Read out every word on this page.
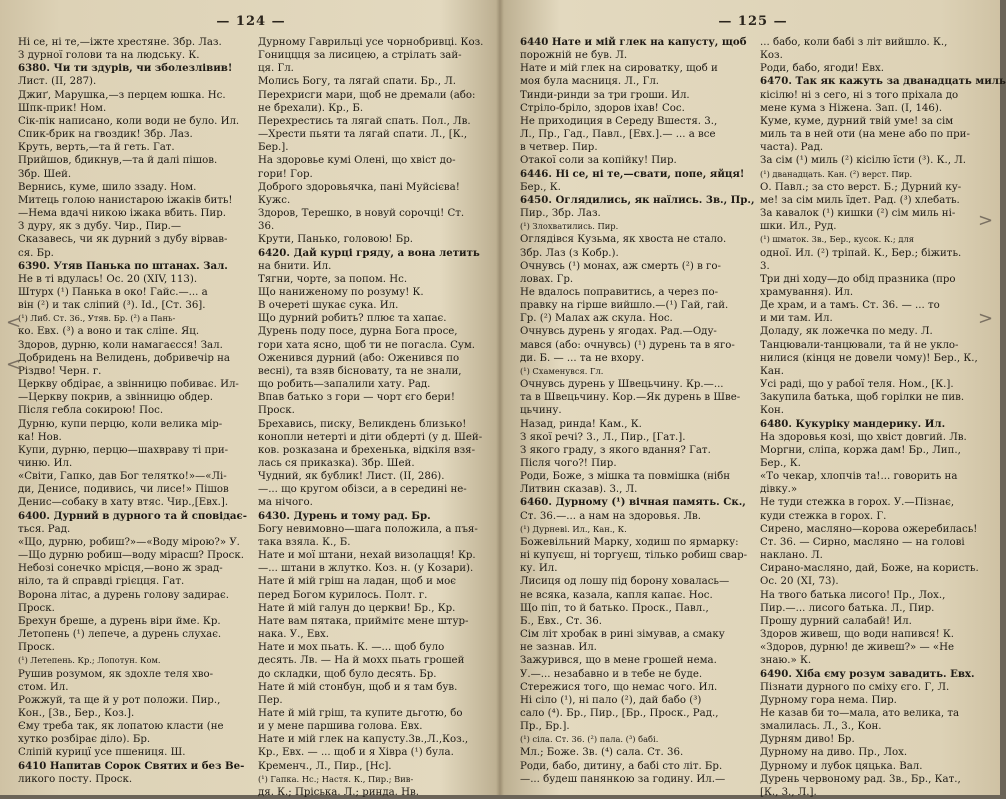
— 124 —

Ні се, ні те,—іжте хрестяне. Збр. Лаз.

З дурної голови та на людську. К.

6380. Чи ти здурів, чи зболезлівив!

Лист. (II, 287).

Джиґ, Марушка,—з перцем юшка. Нс.

Шпк-прик! Ном.

Сік-пік написано, коли води не було. Ил.

Спик-брик на гвоздик! Збр. Лаз.

Круть, верть,—та й геть. Гат.

Прийшов, бдикнув,—та й далі пішов.

Збр. Шей.

Вернись, куме, шило ззаду. Ном.

Митець голою нанистарою іжаків бить!

—Нема вдачі никою іжака вбить. Пир.

З дуру, як з дубу. Чир., Пир.—

Сказавесь, чи як дурний з дубу вірвав-

ся. Бр.

6390. Утяв Панька по штанах. Зал.

Не в ті вдулась! Ос. 20 (XIV, 113).

Штурх (¹) Панька в око! Гайс.—... а

він (²) и так сліпий (³). Id., [Ст. 36].

(¹) Либ. Ст. 36., Утяв. Бр. (²) а Пань-

ко. Евх. (³) а воно и так сліпе. Яц.

Здоров, дурню, коли намагаєсся! Зал.

Добридень на Велидень, добривечір на

Різдво! Черн. г.

Церкву обдірає, а звінницю побиває. Ил-

—Церкву покрив, а звінницю обдер.

Після гебла сокирою! Пос.

Дурню, купи перцю, коли велика мір-

ка! Нов.

Купи, дурню, перцю—шахвраву ті при-

чиню. Ил.

«Світи, Гапко, дав Бог телятко!»—«Лі-

ди, Денисе, подивись, чи лисе!» Пішов

Денис—собаку в хату втяс. Чир.,[Евх.].

6400. Дурний в дурного та й сповідає-

ться. Рад.

«Що, дурню, робиш?»—«Воду мірою?» У.

—Що дурню робиш—воду мірасш? Проск.

Небозі сонечко мрісця,—воно ж зрад-

ніло, та й справді грієцця. Гат.

Ворона літас, а дурень голову задирає.

Проск.

Брехун бреше, а дурень віри йме. Кр.

Летопень (¹) лепече, а дурень слухає.

Проск.

(¹) Летепень. Кр.; Лопотун. Ком.

Рушив розумом, як здохле теля хво-

стом. Ил.

Рожжуй, та ще й у рот положи. Пир.,

Кон., [3в., Бер., Коз.].

Єму треба так, як лопатою класти (не

хутко розбірає діло). Бр.

Сліпій курицї усе пшениця. Ш.

6410 Напитав Сорок Святих и без Ве-

ликого посту. Проск.

Дурному Гаврильці усе чорнобривці. Коз.

Гониццця за лисицею, а стрілать зай-

ця. Гл.

Молись Богу, та лягай спати. Бр., Л.

Перехрисги мари, щоб не дремали (або:

не брехали). Кр., Б.

Перехрестись та лягай спать. Пол., Лв.

—Хрести пьяти та лягай спати. Л., [К.,

Бер.].

На здоровье кумі Олені, що хвіст до-

гори! Гор.

Доброго здоровьячка, пані Муйсієва!

Кужс.

Здоров, Терешко, в новуй сорочці! Ст.

36.

Крути, Панько, головою! Бр.

6420. Дай курці гряду, а вона летить

на бнити. Ил.

Тягни, чорте, за попом. Нс.

Що наниженому по розуму! К.

В очереті шукає сука. Ил.

Що дурний робить? плює та хапає.

Дурень поду посе, дурна Бога просе,

гори хата ясно, щоб ти не погасла. Сум.

Оженився дурний (або: Оженився по

весні), та взяв бісновату, та не знали,

що робить—запалили хату. Рад.

Впав батько з гори — чорт єго бери!

Проск.

Брехавись, писку, Великдень близько!

конопли нетерті и діти обдерті (у д. Шей-

ков. розказана и брехенька, відкіля взя-

лась ся приказка). Збр. Шей.

Чудний, як бублик! Лист. (II, 286).

—... що кругом обізси, а в середині не-

ма нічого.

6430. Дурень и тому рад. Бр.

Богу невимовно—шага положила, а пъя-

така взяла. К., Б.

Нате и мої штани, нехай визолацця! Кр.

—... штани в жлутко. Коз. н. (у Козари).

Нате й мій гріш на ладан, щоб и моє

перед Богом курилось. Полт. г.

Нате й мій галун до церкви! Бр., Кр.

Нате вам пятака, приймітє мене штур-

нака. У., Евх.

Нате и мох пьать. К. —... щоб було

десять. Лв. — На й мохх пьать грошей

до складки, щоб було десять. Бр.

Нате й мій стонбун, щоб и я там був.

Пер.

Нате й мій гріш, та купите дьготю, бо

и у мене паршива голова. Евх.

Нате и мій глек на капусту.3в.,Л.,Коз.,

Кр., Евх. — ... щоб и я Хівра (¹) була.

Кременч., Л., Пир., [Нс].

(¹) Гапка. Нс.; Настя. К., Пир.; Вив-

дя. К.; Пріська. Л.; ринда. Нв.

<
<
— 125 —

6440 Нате и мій глек на капусту, щоб

порожній не був. Л.

Нате и мій глек на сироватку, щоб и

моя була масниця. Л., Гл.

Тинди-ринди за три гроши. Ил.

Стріло-бріло, здоров іхав! Сос.

Не приходиция в Середу Вшестя. 3.,

Л., Пр., Гад., Павл., [Евх.].— ... а все

в четвер. Пир.

Отакої соли за копійку! Пир.

6446. Ні се, ні те,—свати, попе, яйця!

Бер., К.

6450. Оглядились, як наїлись. 3в., Пр.,

Пир., Збр. Лаз.

(¹) Злохватились. Пир.

Оглядівся Кузьма, як хвоста не стало.

Збр. Лаз (з Кобр.).

Очнувсь (¹) монах, аж смерть (²) в го-

ловах. Гр.

Не вдалось поправитись, а через по-

правку на гірше вийшло.—(¹) Гай, гай.

Гр. (²) Малах аж скула. Нос.

Очнувсь дурень у ягодах. Рад.—Оду-

мався (або: очнувсь) (¹) дурень та в яго-

ди. Б. — ... та не вхору.

(¹) Схаменувся. Гл.

Очнувсь дурень у Швецьчину. Кр.—...

та в Швецьчину. Кор.—Як дурень в Шве-

цьчину.

Назад, ринда! Кам., К.

З якої речі? 3., Л., Пир., [Гат.].

З якого граду, з якого вдання? Гат.

Після чого?! Пир.

Роди, Боже, з мішка та повмішка (нібн

Литвин сказав). 3., Л.

6460. Дурному (¹) вічная память. Ск.,

Ст. 36.—... а нам на здоровья. Лв.

(¹) Дурневі. Ил., Кан., К.

Божевільний Марку, ходиш по ярмарку:

ні купуєш, ні торгуєш, тілько робиш свар-

ку. Ил.

Лисиця од лошу під борону ховалась—

не всяка, казала, капля капає. Нос.

Що піп, то й батько. Проск., Павл.,

Б., Евх., Ст. 36.

Сім літ хробак в рині зімував, а смаку

не зазнав. Ил.

Зажурився, що в мене грошей нема.

У.—... незабавно и в тебе не буде.

Стережися того, що немас чого. Ил.

Ні сіло (¹), ні пало (²), дай бабо (³)

сало (⁴). Бр., Пир., [Бр., Проск., Рад.,

Пр., Бр.].

(¹) сіла. Ст. 36. (²) пала. (³) бабі.

Мл.; Боже. 3в. (⁴) сала. Ст. 36.

Роди, бабо, дитину, а бабі сто літ. Бр.

—... будеш панянкою за годину. Ил.—

... бабо, коли бабі з літ вийшло. К.,

Коз.

Роди, бабо, ягоди! Евх.

6470. Так як кажуть за дванадцать миль

кісілю! ні з сего, ні з того пріхала до

мене кума з Ніжена. Зап. (I, 146).

Куме, куме, дурний твій уме! за сім

миль та в ней оти (на мене або по при-

часта). Рад.

За сім (¹) миль (²) кісілю їсти (³). К., Л.

(¹) дванадцать. Кан. (²) верст. Пир.

О. Павл.; за сто верст. Б.; Дурний ку-

ме! за сім миль їдет. Рад. (³) хлебать.

За кавалок (¹) кишки (²) сім миль ні-

шки. Ил., Руд.

(¹) шматок. 3в., Бер., кусок. К.; для

одної. Ил. (²) тріпай. К., Бер.; біжить.

3.

Три дні ходу—до обід празника (про

храмування). Ил.

Де храм, и а тамъ. Ст. 36. — ... то

и ми там. Ил.

Доладу, як ложечка по меду. Л.

Танцювали-танцювали, та й не укло-

нилися (кінця не довели чому)! Бер., К.,

Кан.

Усі раді, що у рабої теля. Ном., [К.].

Закупила батька, щоб горілки не пив.

Кон.

6480. Кукурікy мандерику. Ил.

На здоровья козі, що хвіст довгий. Лв.

Моргни, сліпа, коржа дам! Бр., Лип.,

Бер., К.

«То чекар, хлопчів та!... говорить на

дівку.»

Не туди стежка в горох. У.—Пізнає,

куди стежка в горох. Г.

Сирено, масляно—корова ожеребилась!

Ст. 36. — Сирно, масляно — на голові

наклано. Л.

Сирано-масляно, дай, Боже, на користь.

Ос. 20 (XI, 73).

На твого батька лисого! Пр., Лох.,

Пир.—... лисого батька. Л., Пир.

Прошу дурний салабай! Ил.

Здоров живеш, що води напився! К.

«Здоров, дурню! де живеш?» — «Не

знаю.» К.

6490. Хіба єму розум завадить. Евх.

Пізнати дурного по сміху єго. Г, Л.

Дурному гора нема. Пир.

Не казав би то—мала, ато велика, та

змалилась. Л., 3., Кон.

Дурням диво! Бр.

Дурному на диво. Пр., Лох.

Дурному и лубок цяцька. Вал.

Дурень червоному рад. 3в., Бр., Кат.,

[К., 3., Л.].

>
>
